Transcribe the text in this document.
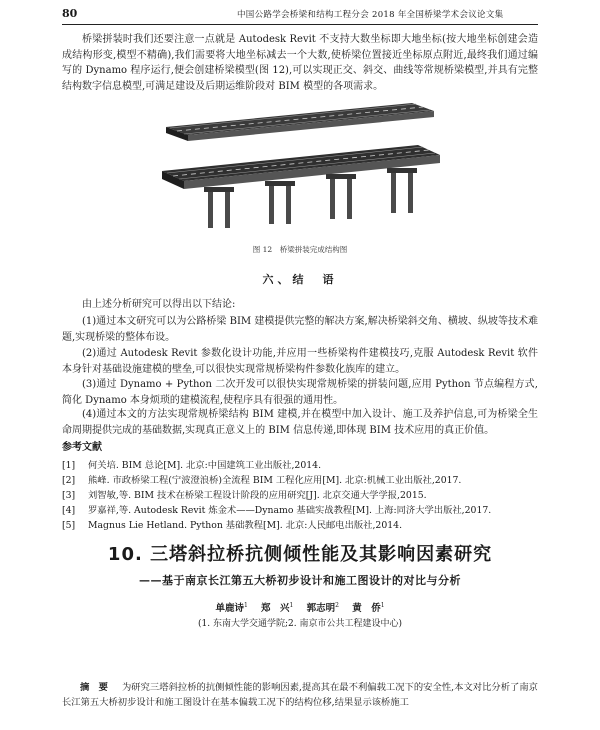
80	中国公路学会桥梁和结构工程分会 2018 年全国桥梁学术会议论文集

桥梁拼装时我们还要注意一点就是 Autodesk Revit 不支持大数坐标即大地坐标(按大地坐标创建会造成结构形变,模型不精确),我们需要将大地坐标减去一个大数,使桥梁位置接近坐标原点附近,最终我们通过编写的 Dynamo 程序运行,便会创建桥梁模型(图 12),可以实现正交、斜交、曲线等常规桥梁模型,并具有完整结构数字信息模型,可满足建设及后期运维阶段对 BIM 模型的各项需求。

图 12　桥梁拼装完成结构图
六、结　语

由上述分析研究可以得出以下结论:

(1)通过本文研究可以为公路桥梁 BIM 建模提供完整的解决方案,解决桥梁斜交角、横坡、纵坡等技术难题,实现桥梁的整体布设。

(2)通过 Autodesk Revit 参数化设计功能,并应用一些桥梁构件建模技巧,克服 Autodesk Revit 软件本身针对基础设施建模的壁垒,可以很快实现常规桥梁构件参数化族库的建立。

(3)通过 Dynamo + Python 二次开发可以很快实现常规桥梁的拼装问题,应用 Python 节点编程方式,简化 Dynamo 本身烦琐的建模流程,使程序具有很强的通用性。

(4)通过本文的方法实现常规桥梁结构 BIM 建模,并在模型中加入设计、施工及养护信息,可为桥梁全生命周期提供完成的基础数据,实现真正意义上的 BIM 信息传递,即体现 BIM 技术应用的真正价值。

参考文献
[1] 何关培. BIM 总论[M]. 北京:中国建筑工业出版社,2014.
[2] 熊峰. 市政桥梁工程(宁波澄浪桥)全流程 BIM 工程化应用[M]. 北京:机械工业出版社,2017.
[3] 刘智敏,等. BIM 技术在桥梁工程设计阶段的应用研究[J]. 北京交通大学学报,2015.
[4] 罗嘉祥,等. Autodesk Revit 炼金术——Dynamo 基础实战教程[M]. 上海:同济大学出版社,2017.
[5] Magnus Lie Hetland. Python 基础教程[M]. 北京:人民邮电出版社,2014.
10. 三塔斜拉桥抗侧倾性能及其影响因素研究
——基于南京长江第五大桥初步设计和施工图设计的对比与分析
单鹿诗$^1$ 郑　兴$^1$ 郭志明$^2$ 黄　侨$^1$
(1. 东南大学交通学院;2. 南京市公共工程建设中心)

摘　要 为研究三塔斜拉桥的抗侧倾性能的影响因素,提高其在最不利偏载工况下的安全性,本文对比分析了南京长江第五大桥初步设计和施工图设计在基本偏载工况下的结构位移,结果显示该桥施工
